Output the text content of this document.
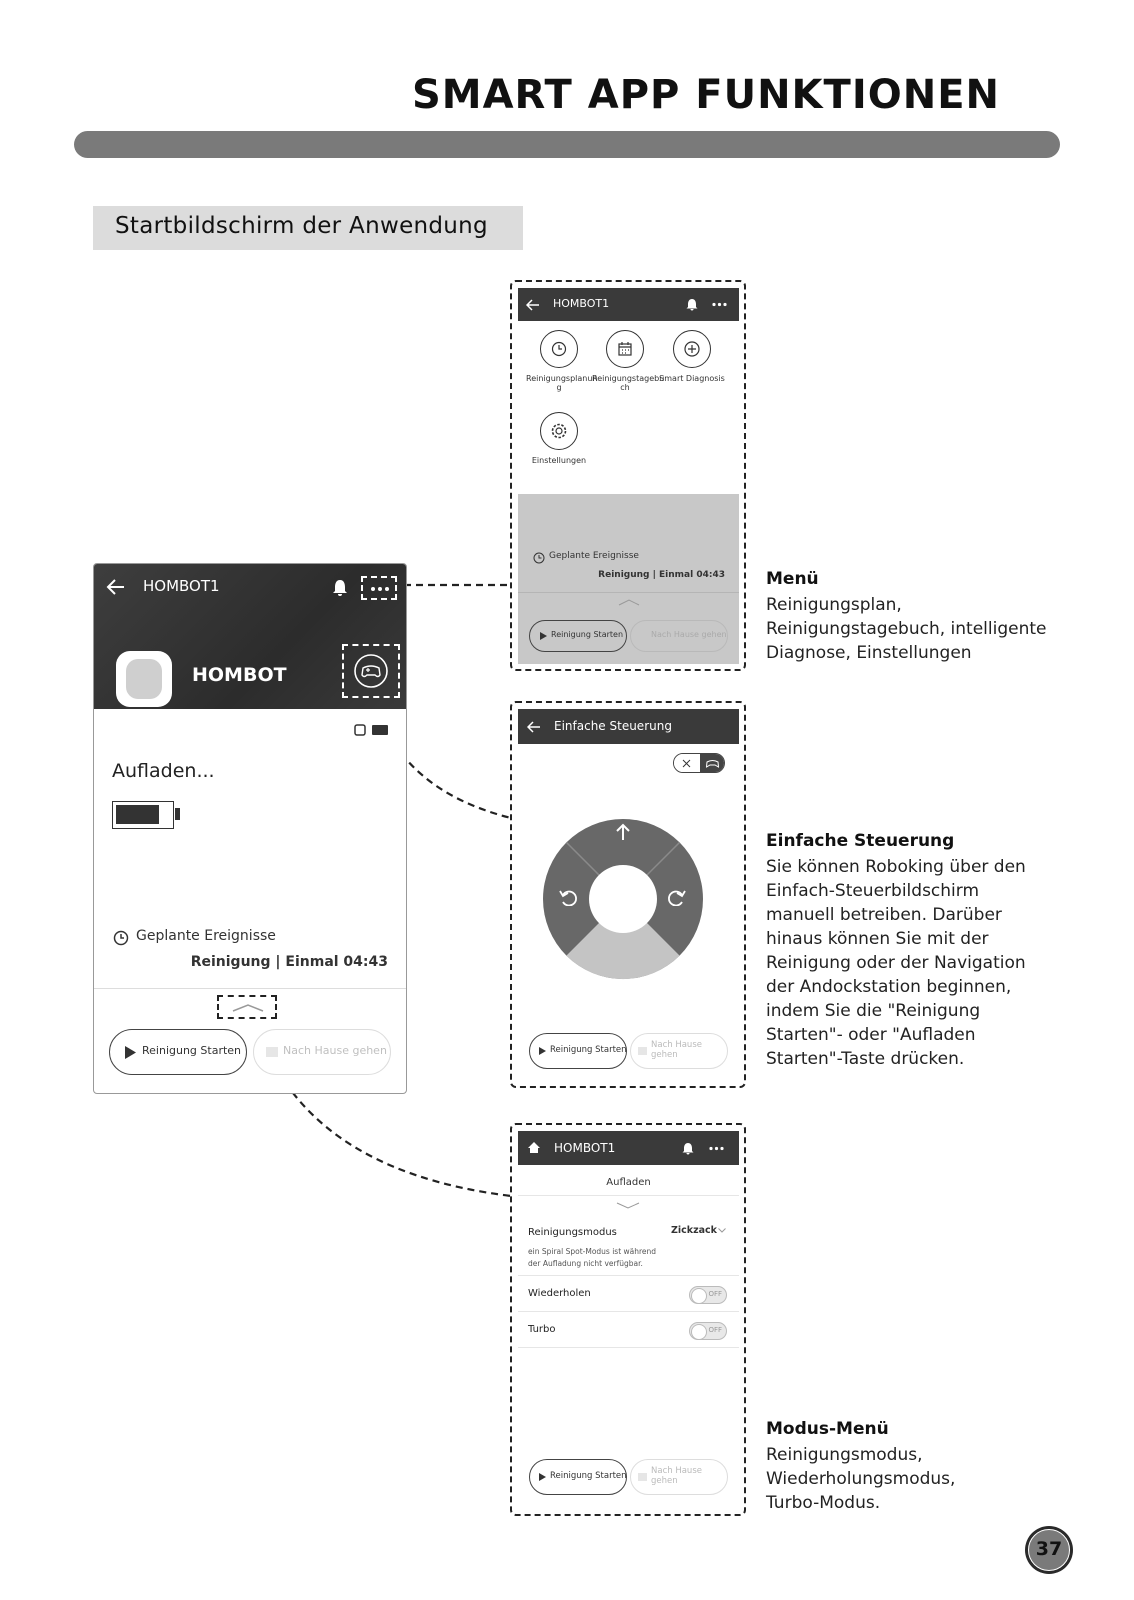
SMART APP FUNKTIONEN
Startbildschirm der Anwendung
HOMBOT1
HOMBOT
Aufladen...
Geplante Ereignisse
Reinigung | Einmal 04:43
Reinigung Starten	Nach Hause gehen
HOMBOT1
Reinigungsplanun g
Reinigungstagebu ch
Smart Diagnosis
Einstellungen
Geplante Ereignisse
Reinigung | Einmal 04:43
Reinigung Starten	Nach Hause gehen
Einfache Steuerung
Reinigung Starten	Nach Hause gehen
HOMBOT1
Aufladen
Reinigungsmodus	Zickzack
ein Spiral Spot-Modus ist während der Aufladung nicht verfügbar.
Wiederholen	OFF
Turbo	OFF
Reinigung Starten	Nach Hause gehen
Menü
Reinigungsplan, Reinigungstagebuch, intelligente Diagnose, Einstellungen
Einfache Steuerung
Sie können Roboking über den Einfach-Steuerbildschirm manuell betreiben. Darüber hinaus können Sie mit der Reinigung oder der Navigation der Andockstation beginnen, indem Sie die "Reinigung Starten"- oder "Aufladen Starten"-Taste drücken.
Modus-Menü
Reinigungsmodus, Wiederholungsmodus, Turbo-Modus.
37
